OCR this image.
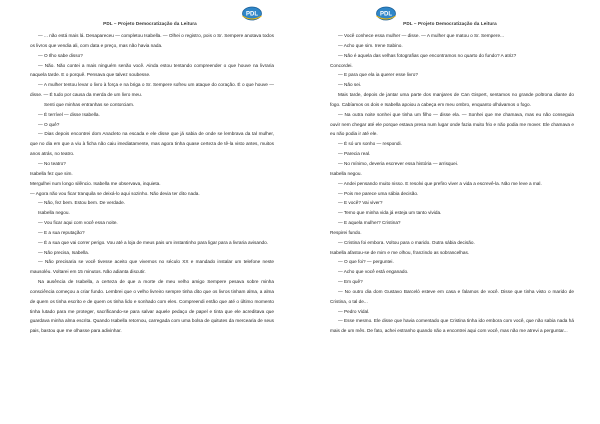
PDL – Projeto Democratização da Leitura
PDL

— ... não está mais lá. Desapareceu — completou Isabella. — Olhei o registro, pois o Sr. Sempere anotava todos os livros que vendia ali, com data e preço, mas não havia nada.

— O Ilho sabe disso?

— Não. Não contei a mais ninguém senão você. Ainda estou tentando compreender o que houve na livraria naquela tarde. E o porquê. Pensava que talvez soubesse.

— A mulher tentou levar o livro à força e na briga o Sr. Sempere sofreu um ataque do coração. É o que houve — disse. — É tudo por causa da merda de um livro meu.

Senti que minhas entranhas se contorciam.

— É terrível — disse Isabella.

— O quê?

— Dias depois encontrei dom Anacleto na escada e ele disse que já sabia de onde se lembrava da tal mulher, que no dia em que a viu à ficha não caiu imediatamente, mas agora tinha quase certeza de tê-la visto antes, muitos anos atrás, no teatro.

— No teatro?

Isabella fez que sim.

Mergulhei num longo silêncio. Isabella me observava, inquieta.

— Agora não vou ficar tranquila se deixá-lo aqui sozinho. Não devia ter dito nada.

— Não, fez bem. Estou bem. De verdade.

Isabella negou.

— Vou ficar aqui com você essa noite.

— E a sua reputação?

— É a sua que vai correr perigo. Vou até a loja de meus pais um instantinho para ligar para a livraria avisando.

— Não precisa, Isabella.

— Não precisaria se você tivesse aceito que vivemos no século XX e mandado instalar um telefone neste mausoléu. Voltarei em 15 minutos. Não adianta discutir.

Na ausência de Isabella, a certeza de que a morte de meu velho amigo Sempere pesava sobre minha consciência começou a criar fundo. Lembrei que o velho livreiro sempre tinha dito que os livros tinham alma, a alma de quem os tinha escrito e de quem os tinha lido e sonhado com eles. Compreendi então que até o último momento tinha lutado para me proteger, sacrificando-se para salvar aquele pedaço de papel e tinta que ele acreditava que guardava minha alma escrita. Quando Isabella retornou, carregada com uma bolsa de quitutes da mercearia de seus pais, bastou que me olhasse para adivinhar.

PDL
PDL – Projeto Democratização da Leitura

— Você conhece essa mulher — disse. — A mulher que matou o Sr. Sempere...

— Acho que sim. Irene Sabino.

— Não é aquela das velhas fotografias que encontramos no quarto do fundo? A atriz?

Concordei.

— E para que ela ia querer esse livro?

— Não sei.

Mais tarde, depois de jantar uma parte dos manjares de Can Gispert, sentamos no grande poltrona diante do fogo. Cabíamos os dois e Isabella apoiou a cabeça em meu ombro, enquanto olhávamos o fogo.

— Na outra noite sonhei que tinha um filho — disse ela. — Sonhei que me chamava, mas eu não conseguia ouvir nem chegar até ele porque estava presa num lugar onde fazia muito frio e não podia me mover. Ele chamava e eu não podia ir até ele.

— É só um sonho — respondi.

— Parecia real.

— No mínimo, deveria escrever essa história — arrisquei.

Isabella negou.

— Andei pensando muito nisso. E resolvi que prefiro viver a vida a escrevê-la. Não me leve a mal.

— Pois me parece uma sábia decisão.

— E você? Vai viver?

— Temo que minha vida já esteja um tanto vivida.

— E aquela mulher? Cristina?

Respirei fundo.

— Cristina foi embora. Voltou para o marido. Outra sábia decisão.

Isabella afastou-se de mim e me olhou, franzindo as sobrancelhas.

— O que foi? — perguntei.

— Acho que você está enganado.

— Em quê?

— No outro dia dom Gustavo Barceló esteve em casa e falamos de você. Disse que tinha visto o marido de Cristina, o tal de...

— Pedro Vidal.

— Esse mesmo. Ele disse que havia comentado que Cristina tinha ido embora com você, que não sabia nada há mais de um mês. De fato, achei estranho quando não a encontrei aqui com você, mas não me atrevi a perguntar...
